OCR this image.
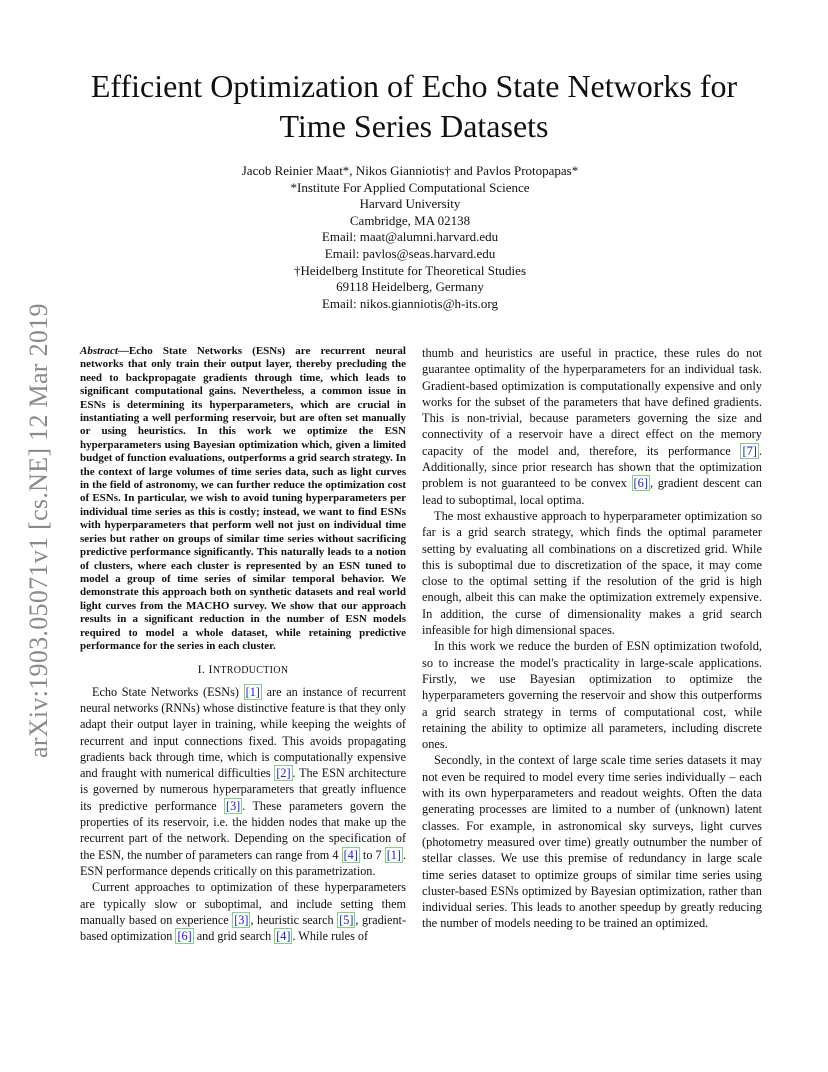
arXiv:1903.05071v1 [cs.NE] 12 Mar 2019
Efficient Optimization of Echo State Networks for Time Series Datasets
Jacob Reinier Maat*, Nikos Gianniotis† and Pavlos Protopapas*
*Institute For Applied Computational Science
Harvard University
Cambridge, MA 02138
Email: maat@alumni.harvard.edu
Email: pavlos@seas.harvard.edu
†Heidelberg Institute for Theoretical Studies
69118 Heidelberg, Germany
Email: nikos.gianniotis@h-its.org

Abstract—Echo State Networks (ESNs) are recurrent neural networks that only train their output layer, thereby precluding the need to backpropagate gradients through time, which leads to significant computational gains. Nevertheless, a common issue in ESNs is determining its hyperparameters, which are crucial in instantiating a well performing reservoir, but are often set manually or using heuristics. In this work we optimize the ESN hyperparameters using Bayesian optimization which, given a limited budget of function evaluations, outperforms a grid search strategy. In the context of large volumes of time series data, such as light curves in the field of astronomy, we can further reduce the optimization cost of ESNs. In particular, we wish to avoid tuning hyperparameters per individual time series as this is costly; instead, we want to find ESNs with hyperparameters that perform well not just on individual time series but rather on groups of similar time series without sacrificing predictive performance significantly. This naturally leads to a notion of clusters, where each cluster is represented by an ESN tuned to model a group of time series of similar temporal behavior. We demonstrate this approach both on synthetic datasets and real world light curves from the MACHO survey. We show that our approach results in a significant reduction in the number of ESN models required to model a whole dataset, while retaining predictive performance for the series in each cluster.

I. INTRODUCTION

Echo State Networks (ESNs) [1] are an instance of recurrent neural networks (RNNs) whose distinctive feature is that they only adapt their output layer in training, while keeping the weights of recurrent and input connections fixed. This avoids propagating gradients back through time, which is computationally expensive and fraught with numerical difficulties [2] . The ESN architecture is governed by numerous hyperparameters that greatly influence its predictive performance [3] . These parameters govern the properties of its reservoir, i.e. the hidden nodes that make up the recurrent part of the network. Depending on the specification of the ESN, the number of parameters can range from 4 [4] to 7 [1] . ESN performance depends critically on this parametrization.

Current approaches to optimization of these hyperparameters are typically slow or suboptimal, and include setting them manually based on experience [3] , heuristic search [5] , gradient-based optimization [6] and grid search [4] . While rules of

thumb and heuristics are useful in practice, these rules do not guarantee optimality of the hyperparameters for an individual task. Gradient-based optimization is computationally expensive and only works for the subset of the parameters that have defined gradients. This is non-trivial, because parameters governing the size and connectivity of a reservoir have a direct effect on the memory capacity of the model and, therefore, its performance [7] . Additionally, since prior research has shown that the optimization problem is not guaranteed to be convex [6] , gradient descent can lead to suboptimal, local optima.

The most exhaustive approach to hyperparameter optimization so far is a grid search strategy, which finds the optimal parameter setting by evaluating all combinations on a discretized grid. While this is suboptimal due to discretization of the space, it may come close to the optimal setting if the resolution of the grid is high enough, albeit this can make the optimization extremely expensive. In addition, the curse of dimensionality makes a grid search infeasible for high dimensional spaces.

In this work we reduce the burden of ESN optimization twofold, so to increase the model's practicality in large-scale applications. Firstly, we use Bayesian optimization to optimize the hyperparameters governing the reservoir and show this outperforms a grid search strategy in terms of computational cost, while retaining the ability to optimize all parameters, including discrete ones.

Secondly, in the context of large scale time series datasets it may not even be required to model every time series individually – each with its own hyperparameters and readout weights. Often the data generating processes are limited to a number of (unknown) latent classes. For example, in astronomical sky surveys, light curves (photometry measured over time) greatly outnumber the number of stellar classes. We use this premise of redundancy in large scale time series dataset to optimize groups of similar time series using cluster-based ESNs optimized by Bayesian optimization, rather than individual series. This leads to another speedup by greatly reducing the number of models needing to be trained an optimized.
